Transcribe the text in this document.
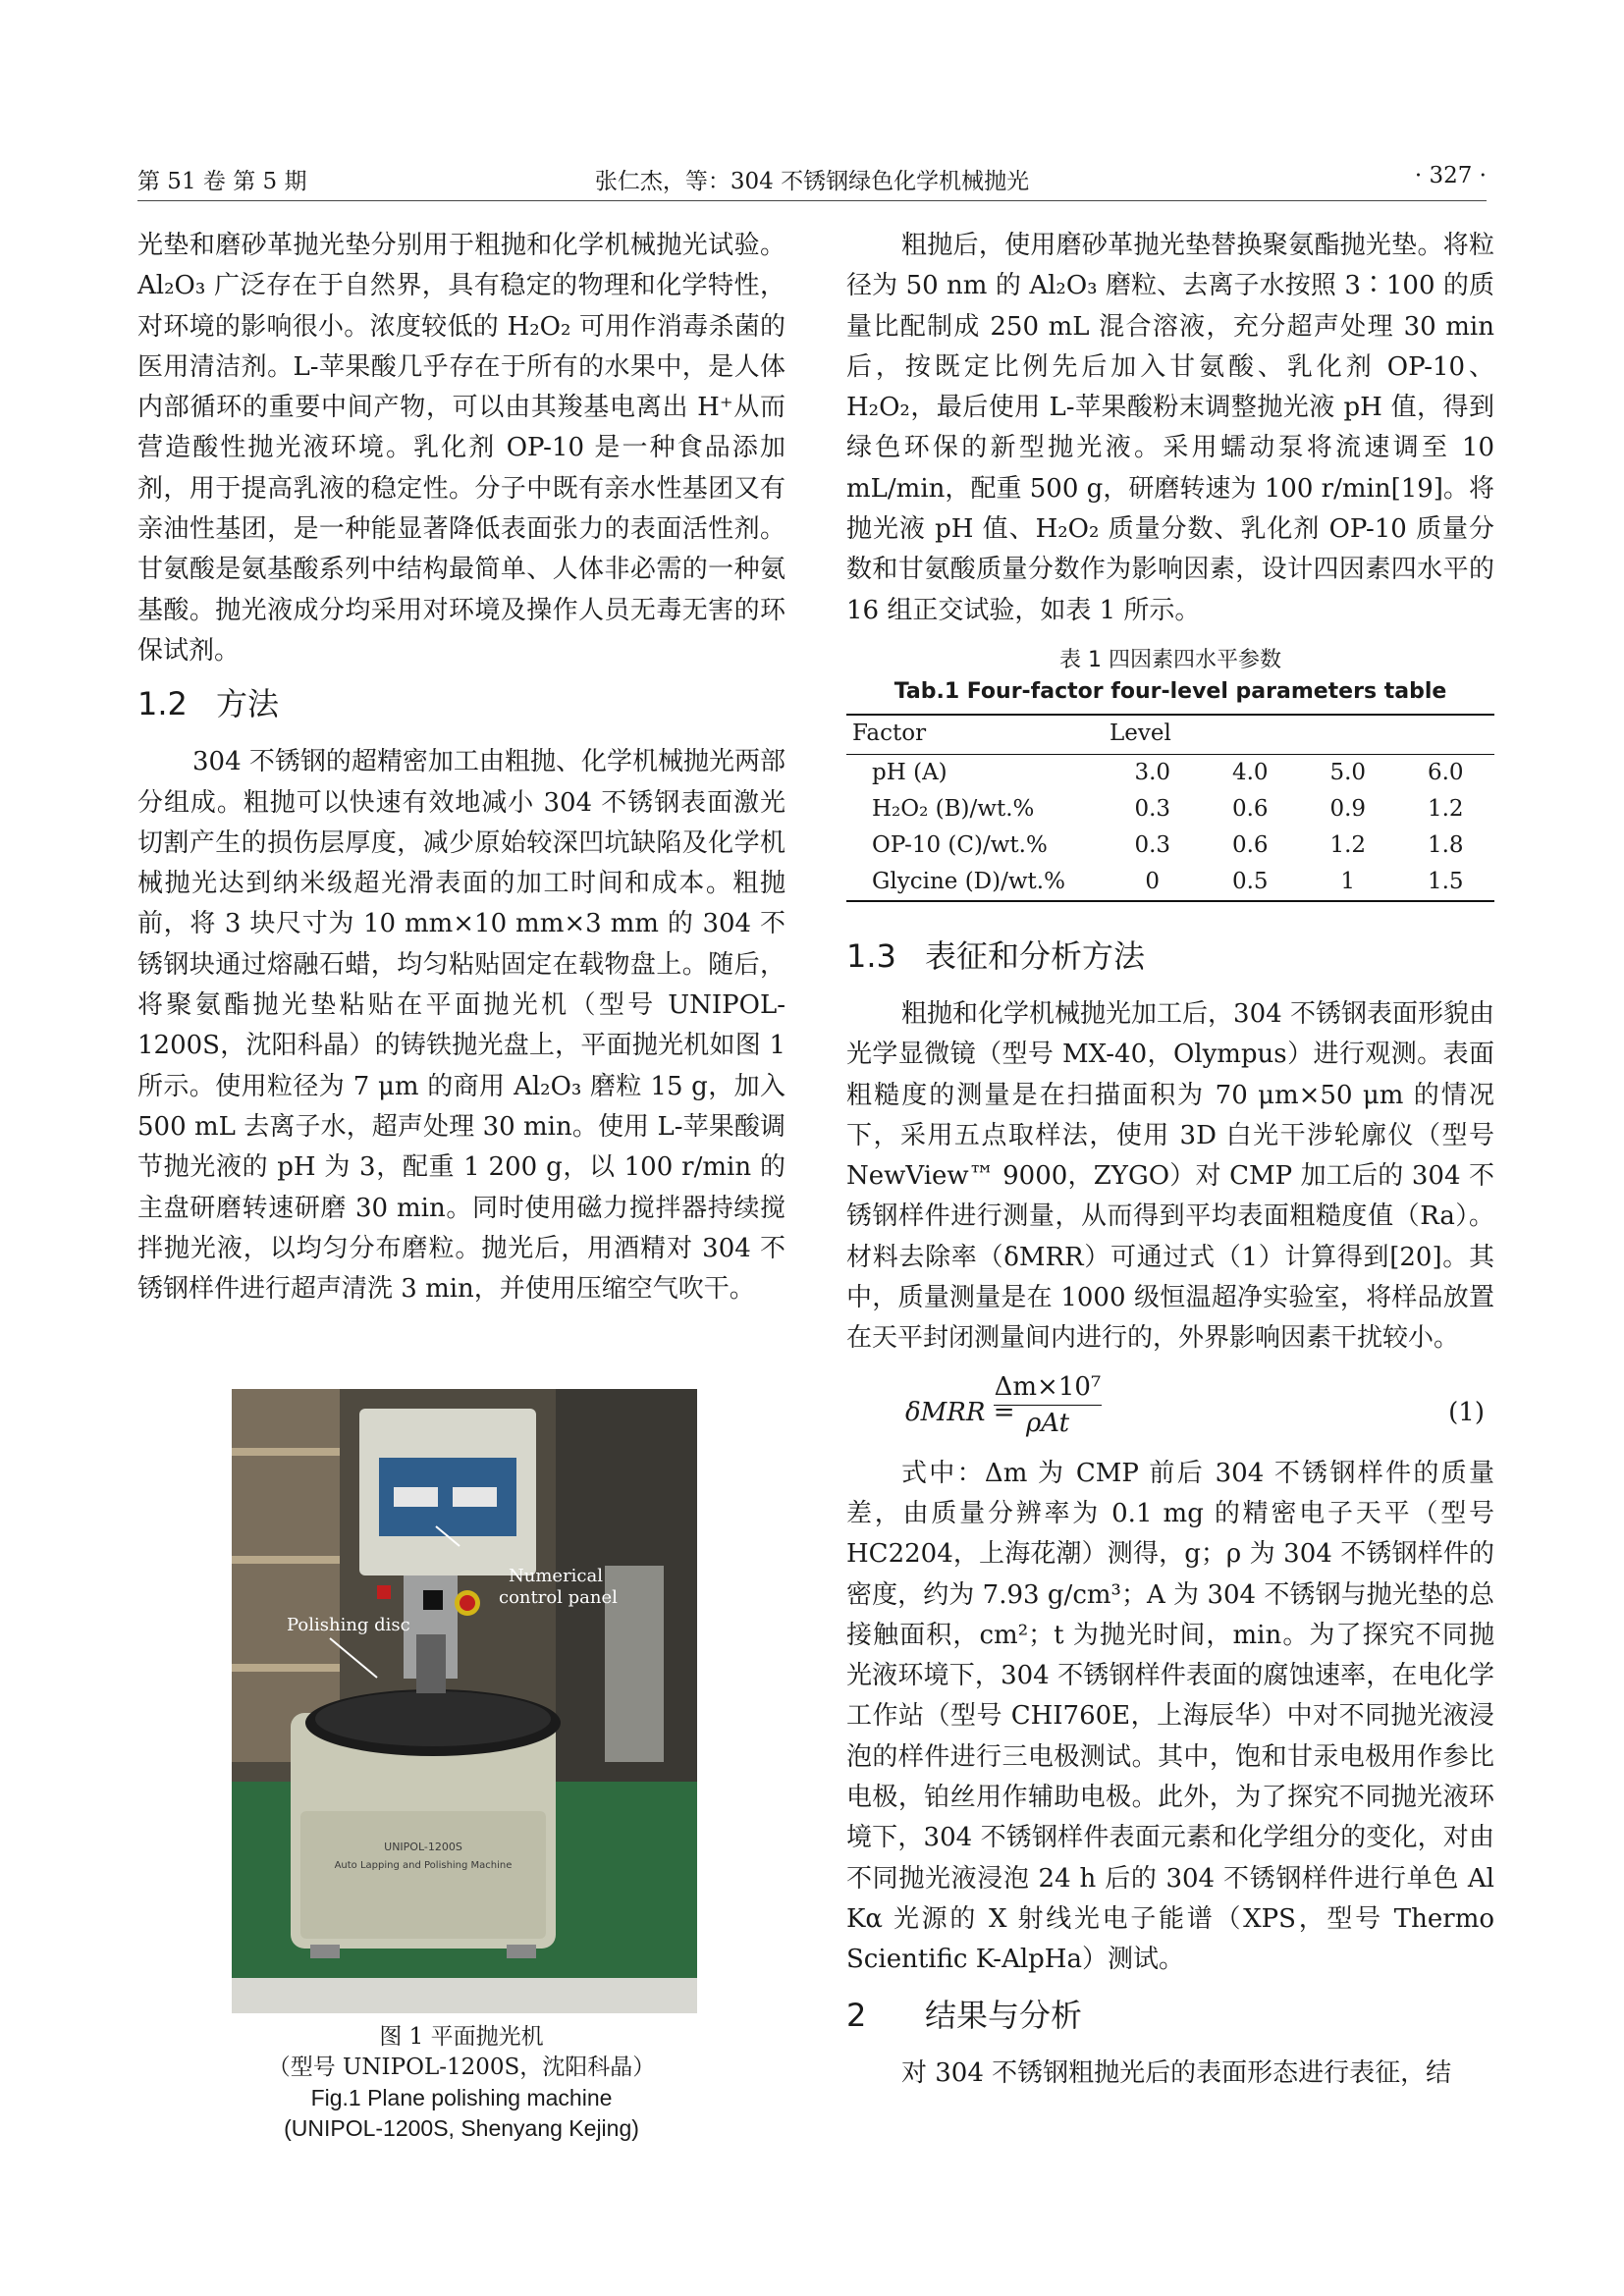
第 51 卷 第 5 期	张仁杰，等：304 不锈钢绿色化学机械抛光	· 327 ·

光垫和磨砂革抛光垫分别用于粗抛和化学机械抛光试验。Al₂O₃ 广泛存在于自然界，具有稳定的物理和化学特性，对环境的影响很小。浓度较低的 H₂O₂ 可用作消毒杀菌的医用清洁剂。L-苹果酸几乎存在于所有的水果中，是人体内部循环的重要中间产物，可以由其羧基电离出 H⁺从而营造酸性抛光液环境。乳化剂 OP-10 是一种食品添加剂，用于提高乳液的稳定性。分子中既有亲水性基团又有亲油性基团，是一种能显著降低表面张力的表面活性剂。甘氨酸是氨基酸系列中结构最简单、人体非必需的一种氨基酸。抛光液成分均采用对环境及操作人员无毒无害的环保试剂。

1.2 方法

304 不锈钢的超精密加工由粗抛、化学机械抛光两部分组成。粗抛可以快速有效地减小 304 不锈钢表面激光切割产生的损伤层厚度，减少原始较深凹坑缺陷及化学机械抛光达到纳米级超光滑表面的加工时间和成本。粗抛前，将 3 块尺寸为 10 mm×10 mm×3 mm 的 304 不锈钢块通过熔融石蜡，均匀粘贴固定在载物盘上。随后，将聚氨酯抛光垫粘贴在平面抛光机（型号 UNIPOL-1200S，沈阳科晶）的铸铁抛光盘上，平面抛光机如图 1 所示。使用粒径为 7 μm 的商用 Al₂O₃ 磨粒 15 g，加入 500 mL 去离子水，超声处理 30 min。使用 L-苹果酸调节抛光液的 pH 为 3，配重 1 200 g，以 100 r/min 的主盘研磨转速研磨 30 min。同时使用磁力搅拌器持续搅拌抛光液，以均匀分布磨粒。抛光后，用酒精对 304 不锈钢样件进行超声清洗 3 min，并使用压缩空气吹干。

UNIPOL-1200S
Auto Lapping and Polishing Machine
Numerical
control panel
Polishing disc
图 1 平面抛光机
（型号 UNIPOL-1200S，沈阳科晶）
Fig.1 Plane polishing machine
(UNIPOL-1200S, Shenyang Kejing)

粗抛后，使用磨砂革抛光垫替换聚氨酯抛光垫。将粒径为 50 nm 的 Al₂O₃ 磨粒、去离子水按照 3∶100 的质量比配制成 250 mL 混合溶液，充分超声处理 30 min 后，按既定比例先后加入甘氨酸、乳化剂 OP-10、H₂O₂，最后使用 L-苹果酸粉末调整抛光液 pH 值，得到绿色环保的新型抛光液。采用蠕动泵将流速调至 10 mL/min，配重 500 g，研磨转速为 100 r/min[19]。将抛光液 pH 值、H₂O₂ 质量分数、乳化剂 OP-10 质量分数和甘氨酸质量分数作为影响因素，设计四因素四水平的 16 组正交试验，如表 1 所示。

表 1 四因素四水平参数
Tab.1 Four-factor four-level parameters table
Factor	Level			

pH (A)	3.0	4.0	5.0	6.0
H₂O₂ (B)/wt.%	0.3	0.6	0.9	1.2
OP-10 (C)/wt.%	0.3	0.6	1.2	1.8
Glycine (D)/wt.%	0	0.5	1	1.5
1.3 表征和分析方法

粗抛和化学机械抛光加工后，304 不锈钢表面形貌由光学显微镜（型号 MX-40，Olympus）进行观测。表面粗糙度的测量是在扫描面积为 70 μm×50 μm 的情况下，采用五点取样法，使用 3D 白光干涉轮廓仪（型号 NewView™ 9000，ZYGO）对 CMP 加工后的 304 不锈钢样件进行测量，从而得到平均表面粗糙度值（Ra）。材料去除率（δMRR）可通过式（1）计算得到[20]。其中，质量测量是在 1000 级恒温超净实验室，将样品放置在天平封闭测量间内进行的，外界影响因素干扰较小。

δMRR =
Δm×10⁷
ρAt	(1)

式中：Δm 为 CMP 前后 304 不锈钢样件的质量差，由质量分辨率为 0.1 mg 的精密电子天平（型号 HC2204，上海花潮）测得，g；ρ 为 304 不锈钢样件的密度，约为 7.93 g/cm³；A 为 304 不锈钢与抛光垫的总接触面积，cm²；t 为抛光时间，min。为了探究不同抛光液环境下，304 不锈钢样件表面的腐蚀速率，在电化学工作站（型号 CHI760E，上海辰华）中对不同抛光液浸泡的样件进行三电极测试。其中，饱和甘汞电极用作参比电极，铂丝用作辅助电极。此外，为了探究不同抛光液环境下，304 不锈钢样件表面元素和化学组分的变化，对由不同抛光液浸泡 24 h 后的 304 不锈钢样件进行单色 Al Kα 光源的 X 射线光电子能谱（XPS，型号 Thermo Scientific K-AlpHa）测试。

2 结果与分析

对 304 不锈钢粗抛光后的表面形态进行表征，结
